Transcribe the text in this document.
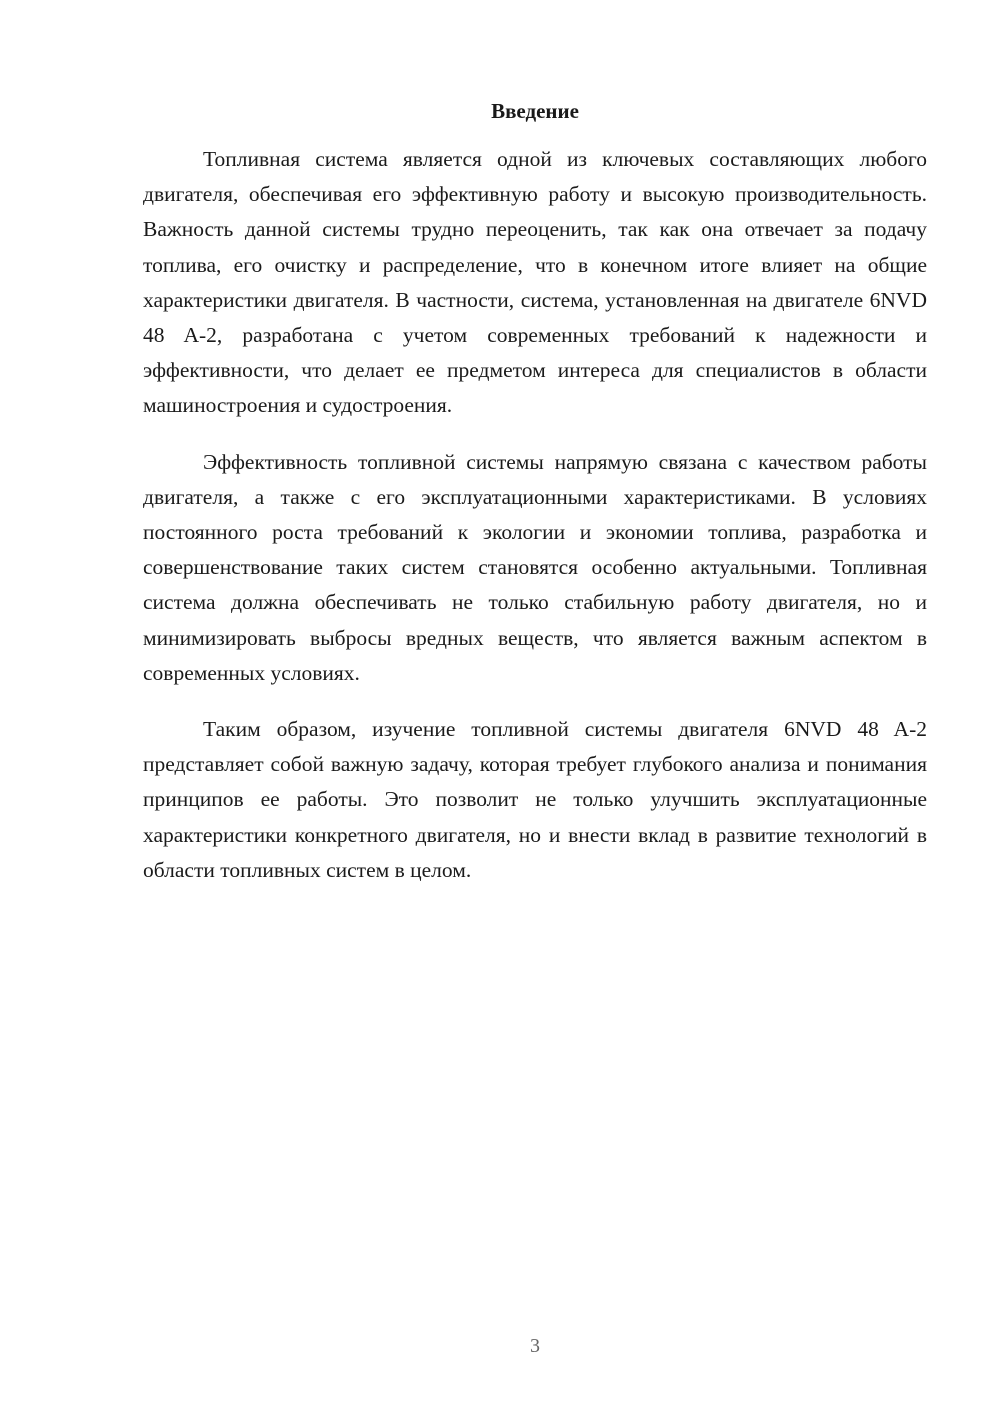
Введение

Топливная система является одной из ключевых составляющих любого двигателя, обеспечивая его эффективную работу и высокую производительность. Важность данной системы трудно переоценить, так как она отвечает за подачу топлива, его очистку и распределение, что в конечном итоге влияет на общие характеристики двигателя. В частности, система, установленная на двигателе 6NVD 48 A-2, разработана с учетом современных требований к надежности и эффективности, что делает ее предметом интереса для специалистов в области машиностроения и судостроения.

Эффективность топливной системы напрямую связана с качеством работы двигателя, а также с его эксплуатационными характеристиками. В условиях постоянного роста требований к экологии и экономии топлива, разработка и совершенствование таких систем становятся особенно актуальными. Топливная система должна обеспечивать не только стабильную работу двигателя, но и минимизировать выбросы вредных веществ, что является важным аспектом в современных условиях.

Таким образом, изучение топливной системы двигателя 6NVD 48 A-2 представляет собой важную задачу, которая требует глубокого анализа и понимания принципов ее работы. Это позволит не только улучшить эксплуатационные характеристики конкретного двигателя, но и внести вклад в развитие технологий в области топливных систем в целом.

3
